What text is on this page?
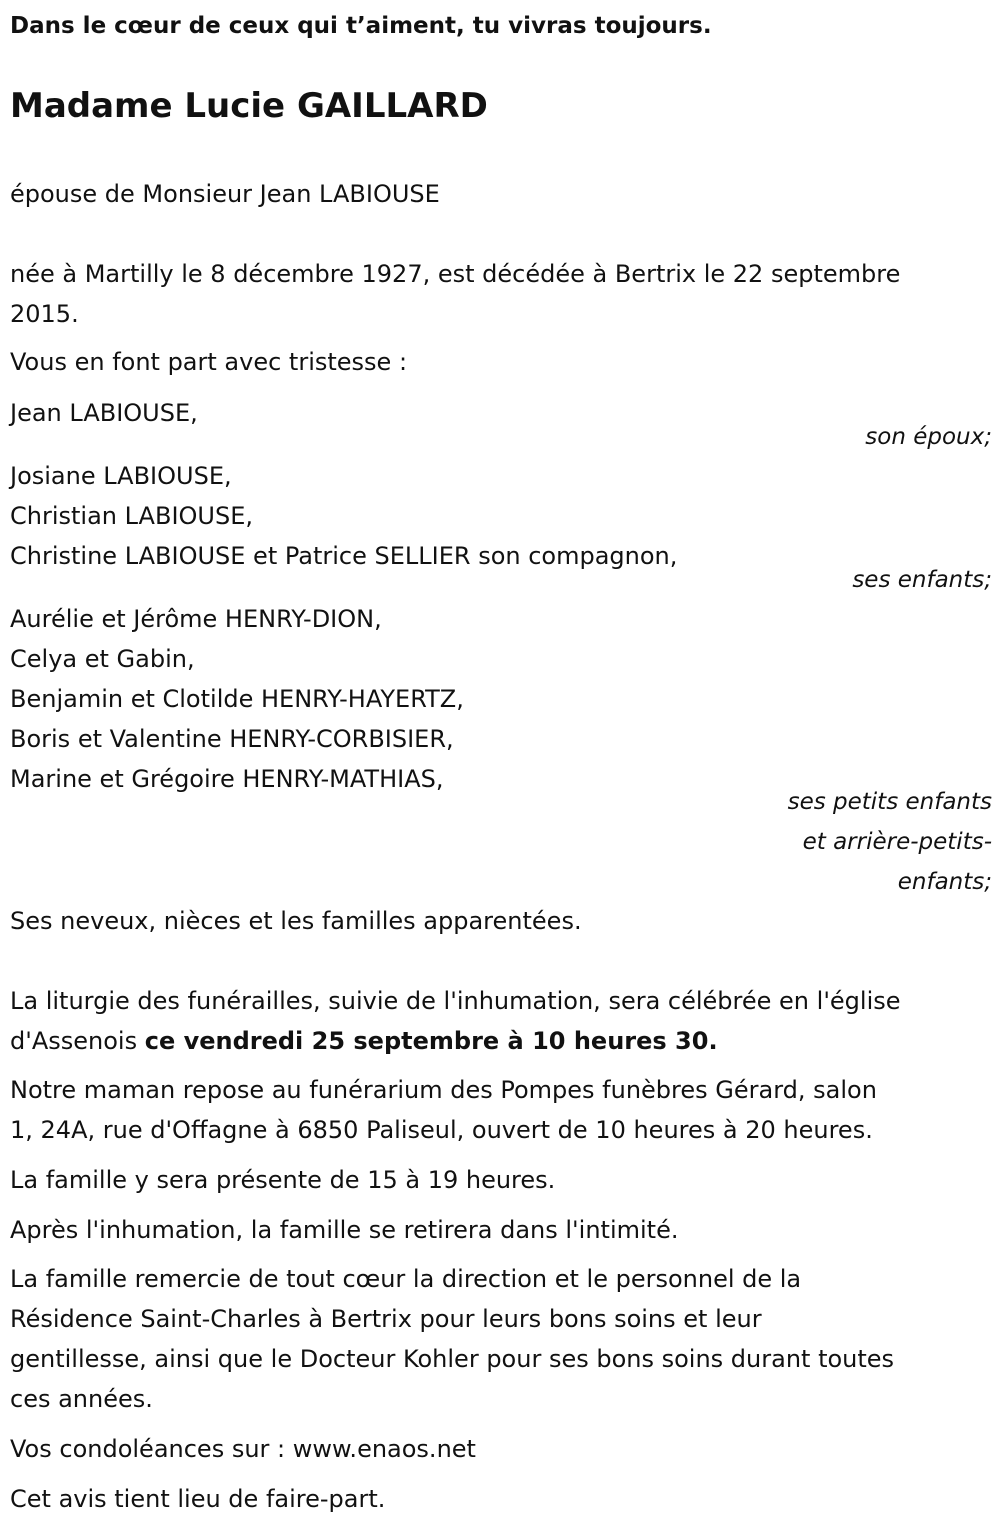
Dans le cœur de ceux qui t’aiment, tu vivras toujours.
Madame Lucie GAILLARD

épouse de Monsieur Jean LABIOUSE

née à Martilly le 8 décembre 1927, est décédée à Bertrix le 22 septembre
2015.

Vous en font part avec tristesse :

Jean LABIOUSE,

son époux;

Josiane LABIOUSE,
Christian LABIOUSE,
Christine LABIOUSE et Patrice SELLIER son compagnon,

ses enfants;

Aurélie et Jérôme HENRY-DION,
Celya et Gabin,
Benjamin et Clotilde HENRY-HAYERTZ,
Boris et Valentine HENRY-CORBISIER,
Marine et Grégoire HENRY-MATHIAS,

ses petits enfants
et arrière-petits-
enfants;

Ses neveux, nièces et les familles apparentées.

La liturgie des funérailles, suivie de l'inhumation, sera célébrée en l'église
d'Assenois ce vendredi 25 septembre à 10 heures 30.

Notre maman repose au funérarium des Pompes funèbres Gérard, salon
1, 24A, rue d'Offagne à 6850 Paliseul, ouvert de 10 heures à 20 heures.

La famille y sera présente de 15 à 19 heures.

Après l'inhumation, la famille se retirera dans l'intimité.

La famille remercie de tout cœur la direction et le personnel de la
Résidence Saint-Charles à Bertrix pour leurs bons soins et leur
gentillesse, ainsi que le Docteur Kohler pour ses bons soins durant toutes
ces années.

Vos condoléances sur : www.enaos.net

Cet avis tient lieu de faire-part.
